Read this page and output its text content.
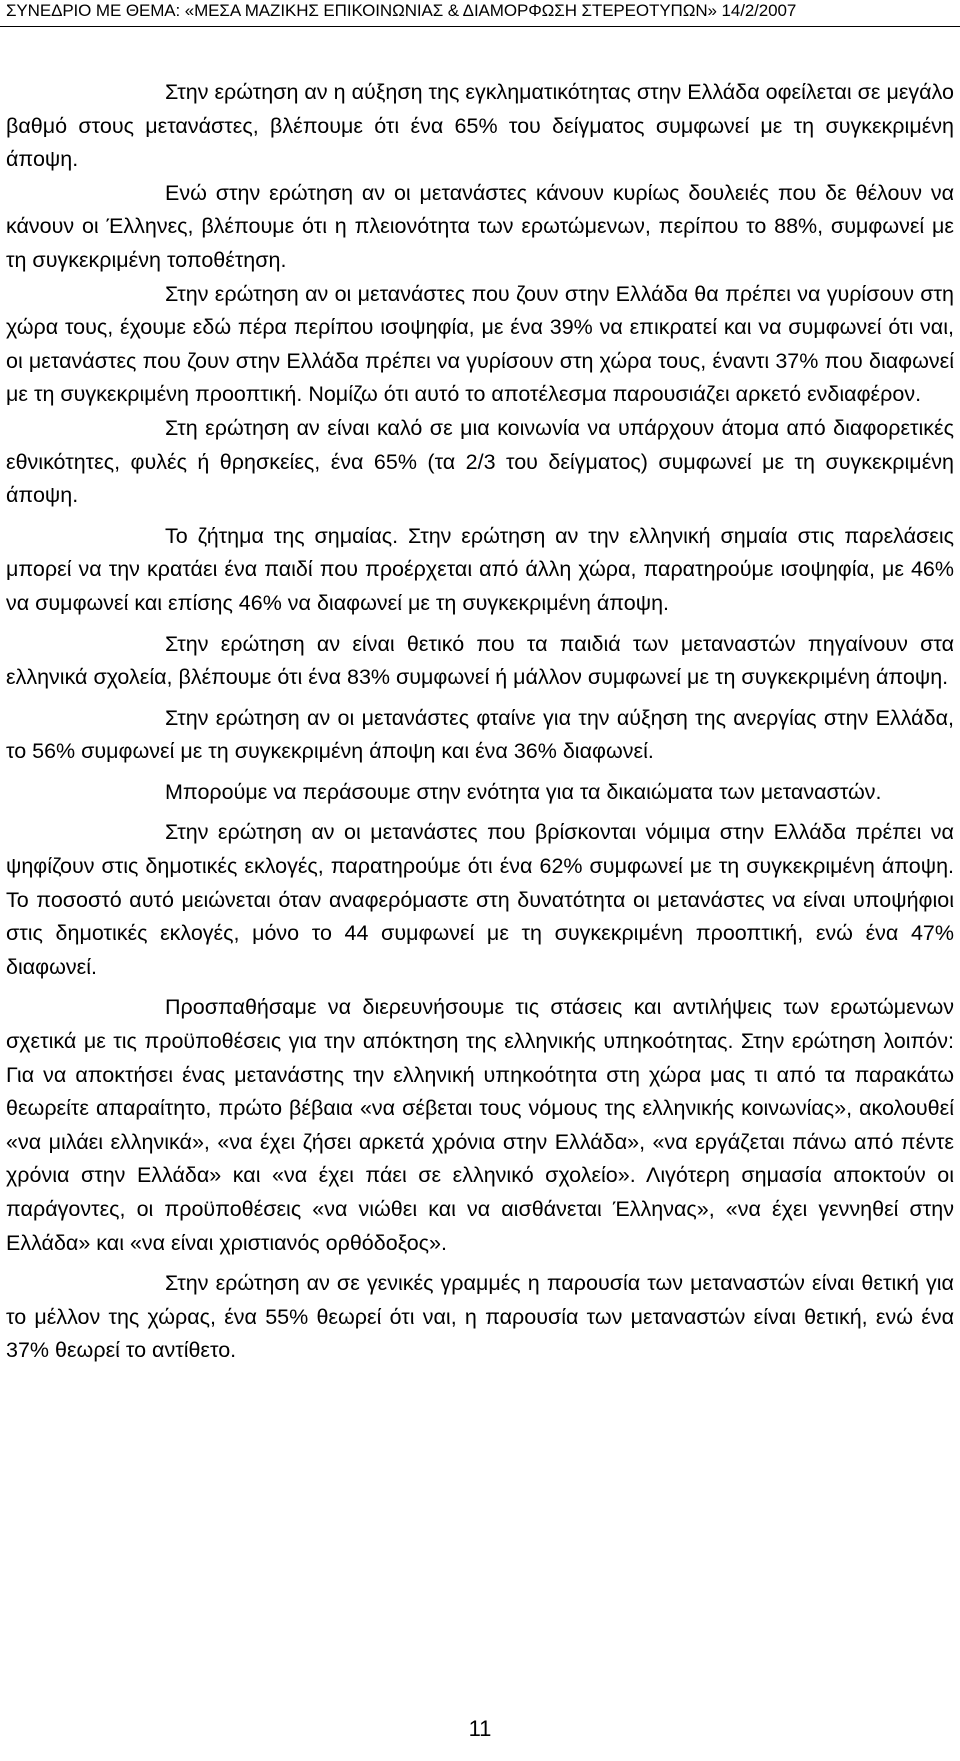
ΣΥΝΕΔΡΙΟ ΜΕ ΘΕΜΑ: «ΜΕΣΑ ΜΑΖΙΚΗΣ ΕΠΙΚΟΙΝΩΝΙΑΣ & ΔΙΑΜΟΡΦΩΣΗ ΣΤΕΡΕΟΤΥΠΩΝ» 14/2/2007

Στην ερώτηση αν η αύξηση της εγκληματικότητας στην Ελλάδα οφείλεται σε μεγάλο βαθμό στους μετανάστες, βλέπουμε ότι ένα 65% του δείγματος συμφωνεί με τη συγκεκριμένη άποψη.

Ενώ στην ερώτηση αν οι μετανάστες κάνουν κυρίως δουλειές που δε θέλουν να κάνουν οι Έλληνες, βλέπουμε ότι η πλειονότητα των ερωτώμενων, περίπου το 88%, συμφωνεί με τη συγκεκριμένη τοποθέτηση.

Στην ερώτηση αν οι μετανάστες που ζουν στην Ελλάδα θα πρέπει να γυρίσουν στη χώρα τους, έχουμε εδώ πέρα περίπου ισοψηφία, με ένα 39% να επικρατεί και να συμφωνεί ότι ναι, οι μετανάστες που ζουν στην Ελλάδα πρέπει να γυρίσουν στη χώρα τους, έναντι 37% που διαφωνεί με τη συγκεκριμένη προοπτική. Νομίζω ότι αυτό το αποτέλεσμα παρουσιάζει αρκετό ενδιαφέρον.

Στη ερώτηση αν είναι καλό σε μια κοινωνία να υπάρχουν άτομα από διαφορετικές εθνικότητες, φυλές ή θρησκείες, ένα 65% (τα 2/3 του δείγματος) συμφωνεί με τη συγκεκριμένη άποψη.

Το ζήτημα της σημαίας. Στην ερώτηση αν την ελληνική σημαία στις παρελάσεις μπορεί να την κρατάει ένα παιδί που προέρχεται από άλλη χώρα, παρατηρούμε ισοψηφία, με 46% να συμφωνεί και επίσης 46% να διαφωνεί με τη συγκεκριμένη άποψη.

Στην ερώτηση αν είναι θετικό που τα παιδιά των μεταναστών πηγαίνουν στα ελληνικά σχολεία, βλέπουμε ότι ένα 83% συμφωνεί ή μάλλον συμφωνεί με τη συγκεκριμένη άποψη.

Στην ερώτηση αν οι μετανάστες φταίνε για την αύξηση της ανεργίας στην Ελλάδα, το 56% συμφωνεί με τη συγκεκριμένη άποψη και ένα 36% διαφωνεί.

Μπορούμε να περάσουμε στην ενότητα για τα δικαιώματα των μεταναστών.

Στην ερώτηση αν οι μετανάστες που βρίσκονται νόμιμα στην Ελλάδα πρέπει να ψηφίζουν στις δημοτικές εκλογές, παρατηρούμε ότι ένα 62% συμφωνεί με τη συγκεκριμένη άποψη. Το ποσοστό αυτό μειώνεται όταν αναφερόμαστε στη δυνατότητα οι μετανάστες να είναι υποψήφιοι στις δημοτικές εκλογές, μόνο το 44 συμφωνεί με τη συγκεκριμένη προοπτική, ενώ ένα 47% διαφωνεί.

Προσπαθήσαμε να διερευνήσουμε τις στάσεις και αντιλήψεις των ερωτώμενων σχετικά με τις προϋποθέσεις για την απόκτηση της ελληνικής υπηκοότητας. Στην ερώτηση λοιπόν: Για να αποκτήσει ένας μετανάστης την ελληνική υπηκοότητα στη χώρα μας τι από τα παρακάτω θεωρείτε απαραίτητο, πρώτο βέβαια «να σέβεται τους νόμους της ελληνικής κοινωνίας», ακολουθεί «να μιλάει ελληνικά», «να έχει ζήσει αρκετά χρόνια στην Ελλάδα», «να εργάζεται πάνω από πέντε χρόνια στην Ελλάδα» και «να έχει πάει σε ελληνικό σχολείο». Λιγότερη σημασία αποκτούν οι παράγοντες, οι προϋποθέσεις «να νιώθει και να αισθάνεται Έλληνας», «να έχει γεννηθεί στην Ελλάδα» και «να είναι χριστιανός ορθόδοξος».

Στην ερώτηση αν σε γενικές γραμμές η παρουσία των μεταναστών είναι θετική για το μέλλον της χώρας, ένα 55% θεωρεί ότι ναι, η παρουσία των μεταναστών είναι θετική, ενώ ένα 37% θεωρεί το αντίθετο.

11
